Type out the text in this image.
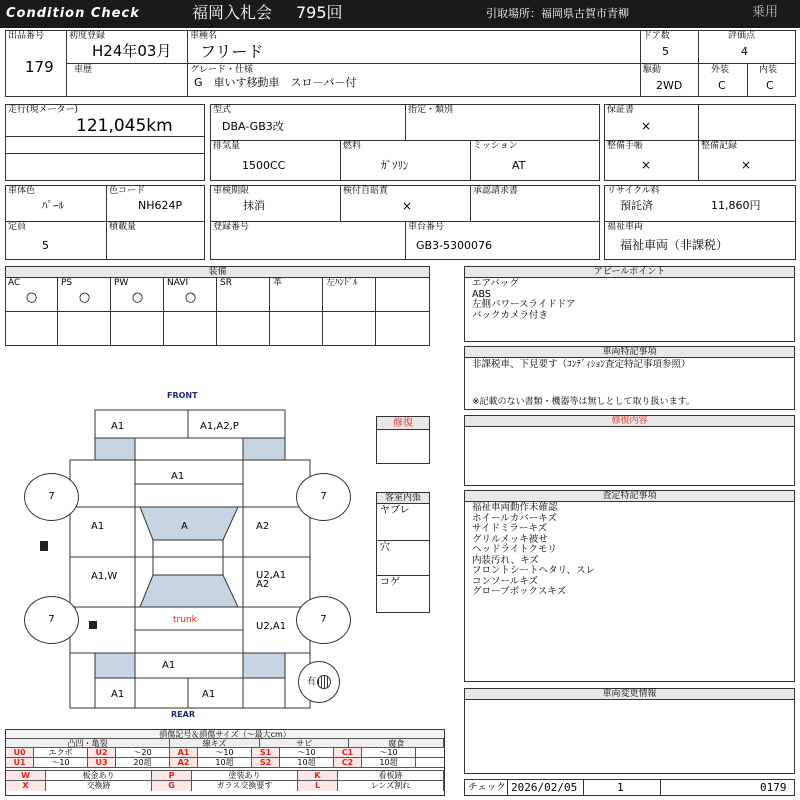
Condition Check	福岡入札会 795回	引取場所：福岡県古賀市青柳	乗用
出品番号
179
初度登録
H24年03月
車種名
フリード
ドア数
5
評価点
4
車歴	グレード・仕様
G　車いす移動車　スロ－パ－付
駆動
2WD
外装
C
内装
C
走行(現メーター)
121,045km
型式
DBA-GB3改
指定・類別
排気量
1500CC
燃料
ｶﾞｿﾘﾝ
ミッション
AT
保証書
×
整備手帳
×
整備記録
×
車体色
ﾊﾟｰﾙ
色コード
NH624P
定員
5
積載量
車検期限
抹消
検付自賠責
×
承認請求書
登録番号	車台番号
GB3-5300076
リサイクル料
預託済	11,860円
福祉車両
福祉車両（非課税）
装備
AC
○
PS
○
PW
○
NAVI
○
SR	革	左ﾊﾝﾄﾞﾙ
アピールポイント
エアバッグ
ABS
左側パワースライドドア
バックカメラ付き
車両特記事項
非課税車、下見要す（ｺﾝﾃﾞｨｼｮﾝ査定特記事項参照）
※記載のない書類・機器等は無しとして取り扱います。
修復	修復内容
客室内張
ヤブレ
穴
コゲ
査定特記事項
福祉車両動作未確認
ホイールカバーキズ
サイドミラーキズ
グリルメッキ被せ
ヘッドライトクモリ
内装汚れ、キズ
フロントシートヘタリ、スレ
コンソールキズ
グローブボックスキズ
車両変更情報
チェック 2026/02/05	1	0179
FRONT
REAR
7	7
7	7
有
A1	A1,A2,P
A1
A
A1	A2
A1,W	U2,A1
A2
U2,A1
trunk
A1
A1	A1
損傷記号＆損傷サイズ（～最大cm）
凸凹・亀裂	線キズ	サビ	腐食
U0	エクボ	U2	～20	A1	～10	S1	～10	C1	～10
U1	～10	U3	20超	A2	10超	S2	10超	C2	10超
W	板金あり	P	塗装あり	K	看板跡
X	交換跡	G	ガラス交換要す	L	レンズ割れ
